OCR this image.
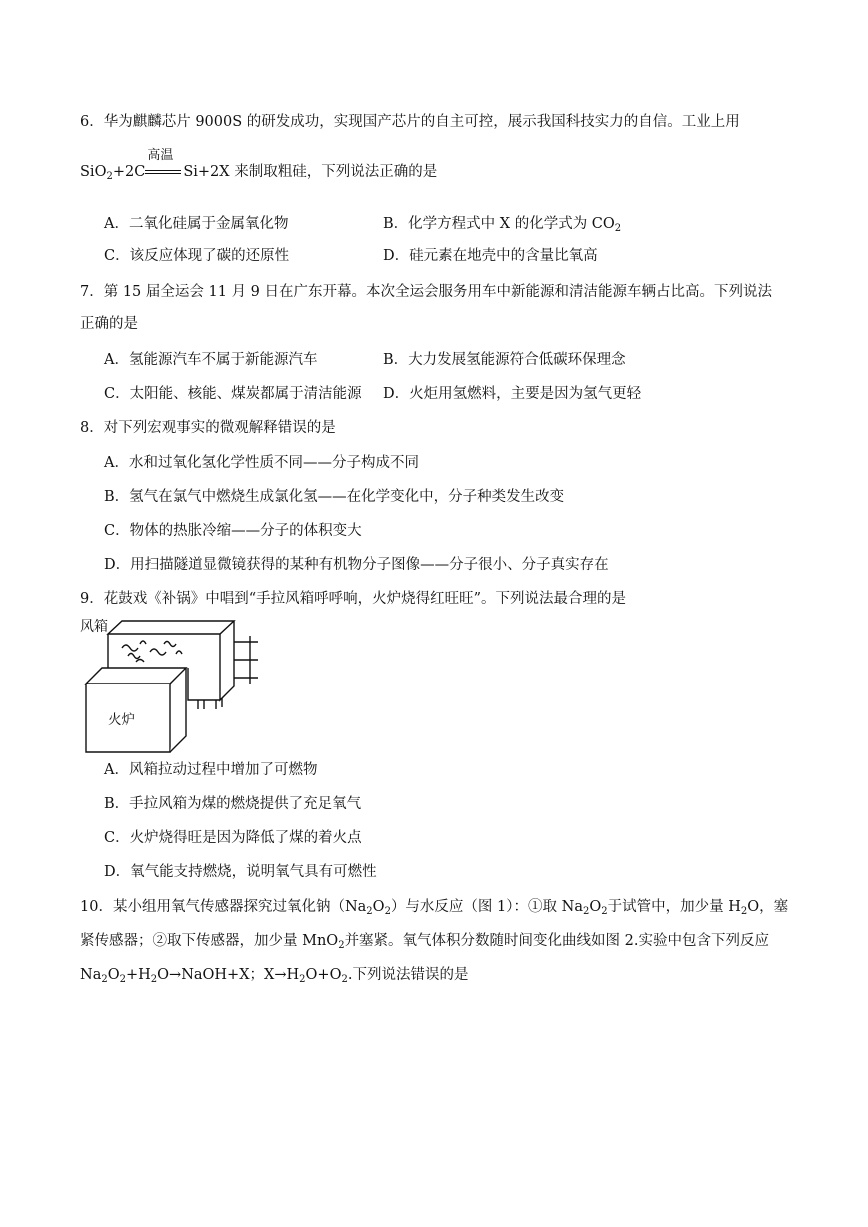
6．华为麒麟芯片 9000S 的研发成功，实现国产芯片的自主可控，展示我国科技实力的自信。工业上用
SiO$_2$+2C
高温
Si+2X 来制取粗硅，下列说法正确的是
A．二氧化硅属于金属氧化物	B．化学方程式中 X 的化学式为 $CO_2$
C．该反应体现了碳的还原性	D．硅元素在地壳中的含量比氧高
7．第 15 届全运会 11 月 9 日在广东开幕。本次全运会服务用车中新能源和清洁能源车辆占比高。下列说法
正确的是
A．氢能源汽车不属于新能源汽车	B．大力发展氢能源符合低碳环保理念
C．太阳能、核能、煤炭都属于清洁能源 D．火炬用氢燃料，主要是因为氢气更轻
8．对下列宏观事实的微观解释错误的是
A．水和过氧化氢化学性质不同——分子构成不同
B．氢气在氯气中燃烧生成氯化氢——在化学变化中，分子种类发生改变
C．物体的热胀冷缩——分子的体积变大
D．用扫描隧道显微镜获得的某种有机物分子图像——分子很小、分子真实存在
9．花鼓戏《补锅》中唱到“手拉风箱呼呼响，火炉烧得红旺旺”。下列说法最合理的是
风箱
火炉
A．风箱拉动过程中增加了可燃物
B．手拉风箱为煤的燃烧提供了充足氧气
C．火炉烧得旺是因为降低了煤的着火点
D．氧气能支持燃烧，说明氧气具有可燃性
10．某小组用氧气传感器探究过氧化钠$(Na_2O_2)$与水反应（图 1）：①取 $Na_2O_2$于试管中，加少量 $H_2O$，塞
紧传感器；②取下传感器，加少量 MnO$_2$并塞紧。氧气体积分数随时间变化曲线如图 2.实验中包含下列反应
$Na_2O_2+H_2O\to NaOH+X$；$X\to H_2O+O_2$.下列说法错误的是
